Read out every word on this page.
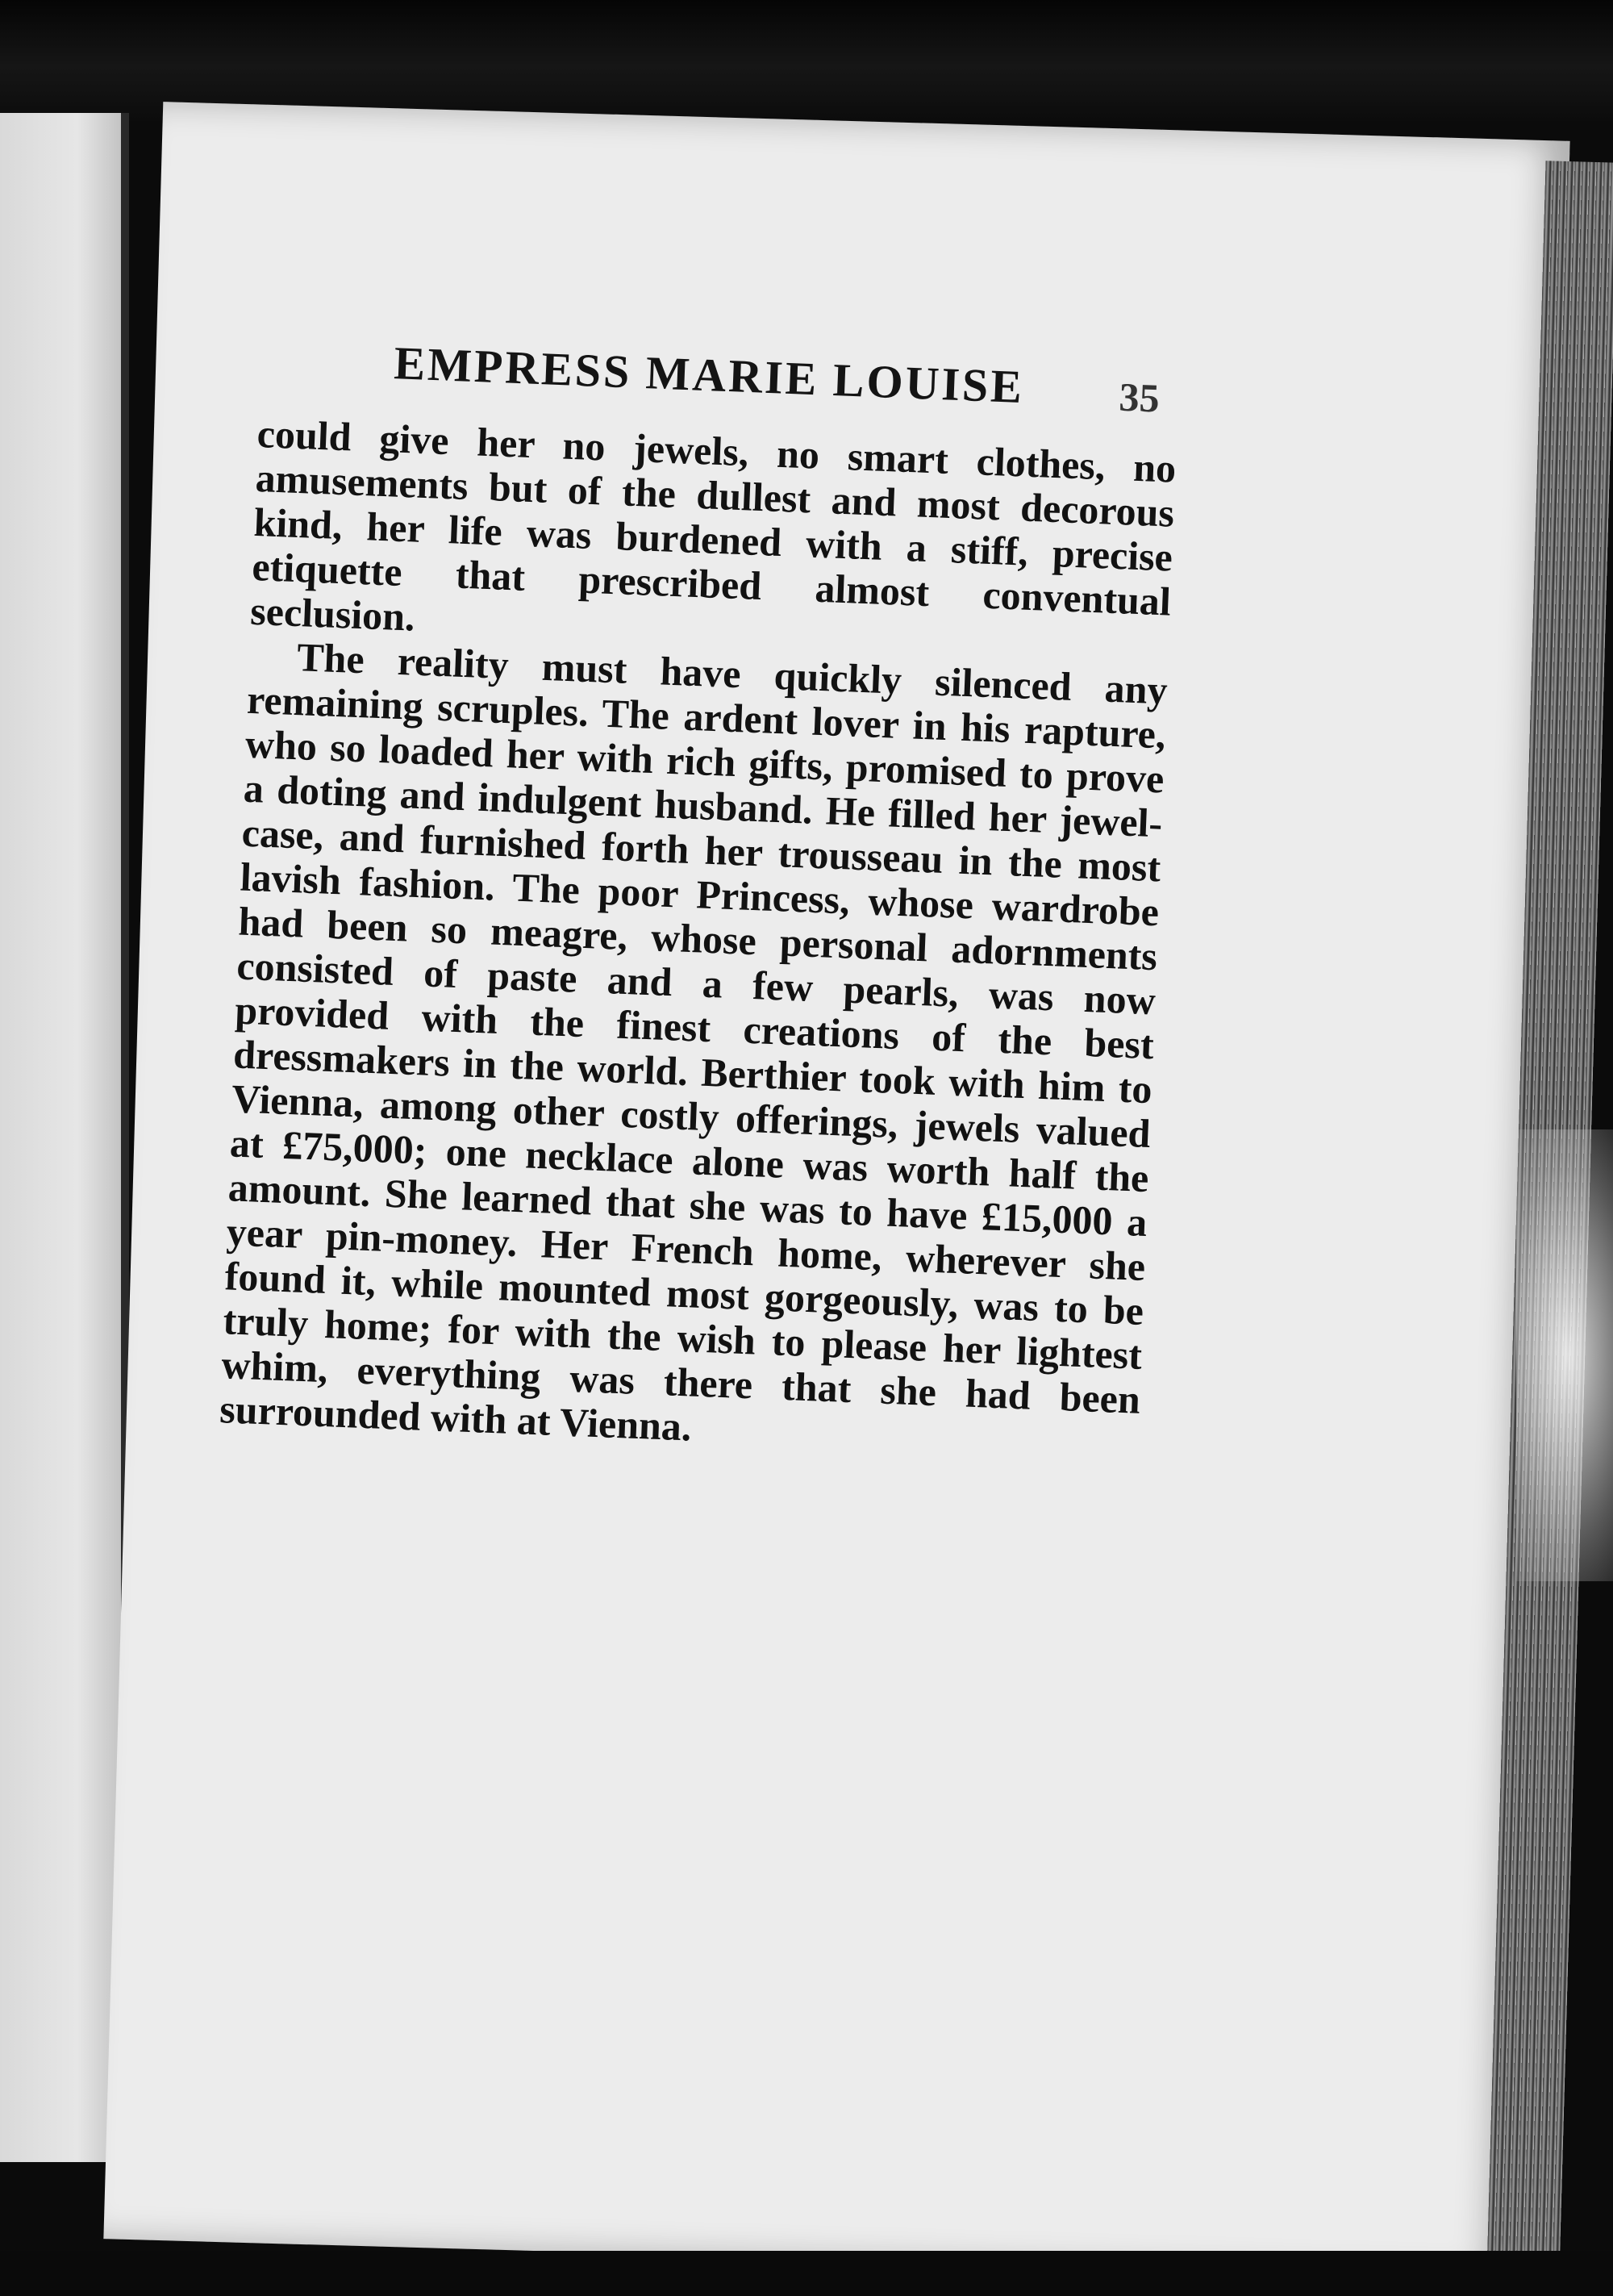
EMPRESS MARIE LOUISE 35

could give her no jewels, no smart clothes, no amusements but of the dullest and most decorous kind, her life was burdened with a stiff, precise etiquette that prescribed almost conventual seclusion.

The reality must have quickly silenced any remaining scruples. The ardent lover in his rapture, who so loaded her with rich gifts, promised to prove a doting and indulgent husband. He filled her jewel-case, and furnished forth her trousseau in the most lavish fashion. The poor Princess, whose wardrobe had been so meagre, whose personal adornments consisted of paste and a few pearls, was now provided with the finest creations of the best dressmakers in the world. Berthier took with him to Vienna, among other costly offerings, jewels valued at £75,000; one necklace alone was worth half the amount. She learned that she was to have £15,000 a year pin-money. Her French home, wherever she found it, while mounted most gorgeously, was to be truly home; for with the wish to please her lightest whim, everything was there that she had been surrounded with at Vienna.
